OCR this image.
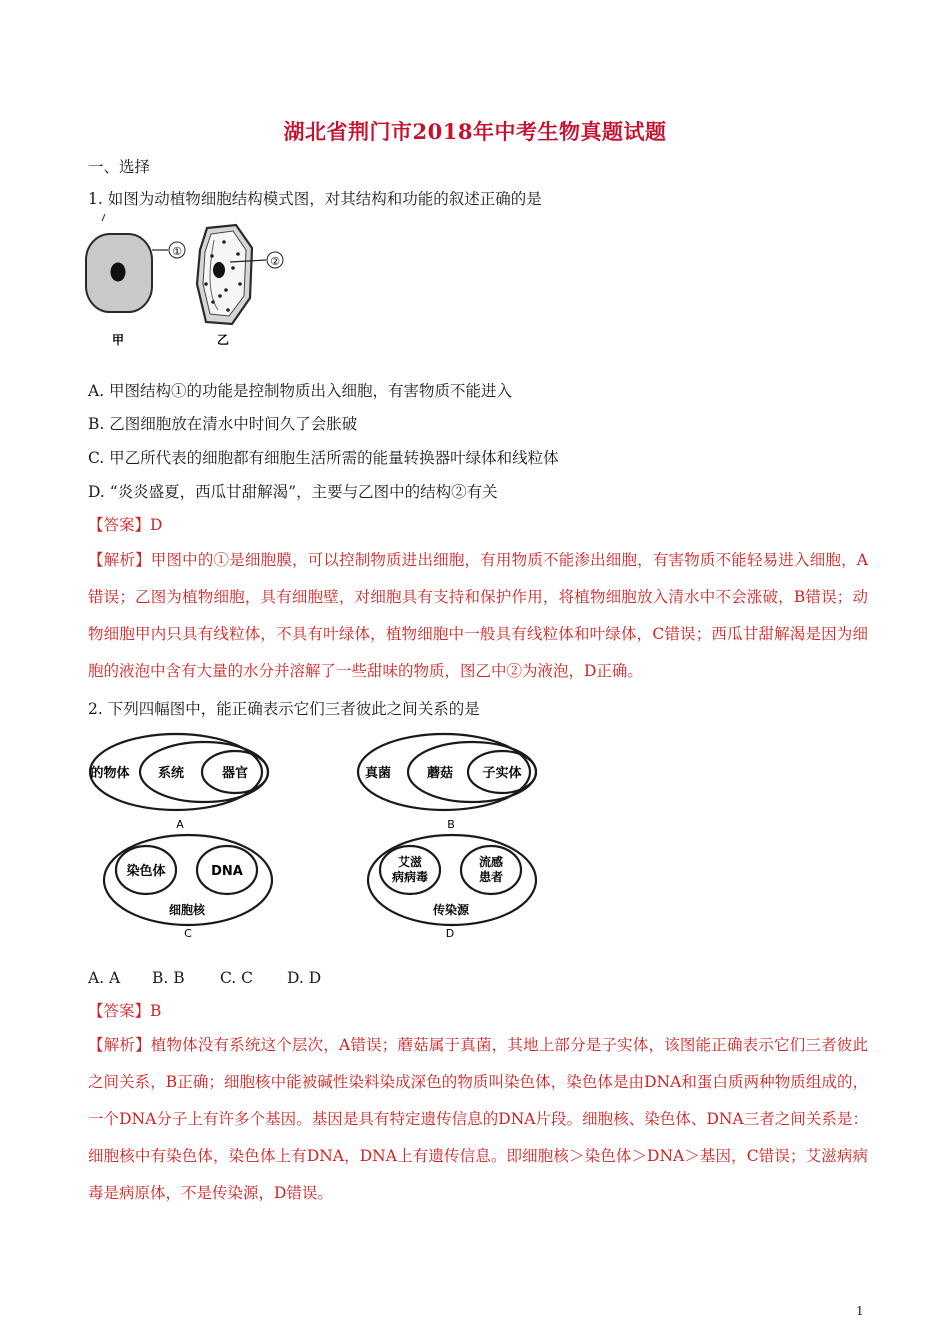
湖北省荆门市2018年中考生物真题试题
一、选择
1. 如图为动植物细胞结构模式图，对其结构和功能的叙述正确的是
①
②
甲	乙
A. 甲图结构①的功能是控制物质出入细胞，有害物质不能进入
B. 乙图细胞放在清水中时间久了会胀破
C. 甲乙所代表的细胞都有细胞生活所需的能量转换器叶绿体和线粒体
D. “炎炎盛夏，西瓜甘甜解渴”，主要与乙图中的结构②有关
【答案】D
【解析】甲图中的①是细胞膜，可以控制物质进出细胞，有用物质不能渗出细胞，有害物质不能轻易进入细胞，A错误；乙图为植物细胞，具有细胞壁，对细胞具有支持和保护作用，将植物细胞放入清水中不会涨破，B错误；动物细胞甲内只具有线粒体，不具有叶绿体，植物细胞中一般具有线粒体和叶绿体，C错误；西瓜甘甜解渴是因为细胞的液泡中含有大量的水分并溶解了一些甜味的物质，图乙中②为液泡，D正确。
2. 下列四幅图中，能正确表示它们三者彼此之间关系的是
的物体 系统	器官
A
真菌	蘑菇 子实体
B
染色体	DNA
细胞核
C
艾滋
病病毒
流感
患者
传染源
D
A. A B. B C. C D. D
【答案】B
【解析】植物体没有系统这个层次，A错误；蘑菇属于真菌，其地上部分是子实体，该图能正确表示它们三者彼此之间关系，B正确；细胞核中能被碱性染料染成深色的物质叫染色体，染色体是由DNA和蛋白质两种物质组成的，一个DNA分子上有许多个基因。基因是具有特定遗传信息的DNA片段。细胞核、染色体、DNA三者之间关系是：细胞核中有染色体，染色体上有DNA，DNA上有遗传信息。即细胞核＞染色体＞DNA＞基因，C错误；艾滋病病毒是病原体，不是传染源，D错误。
1
